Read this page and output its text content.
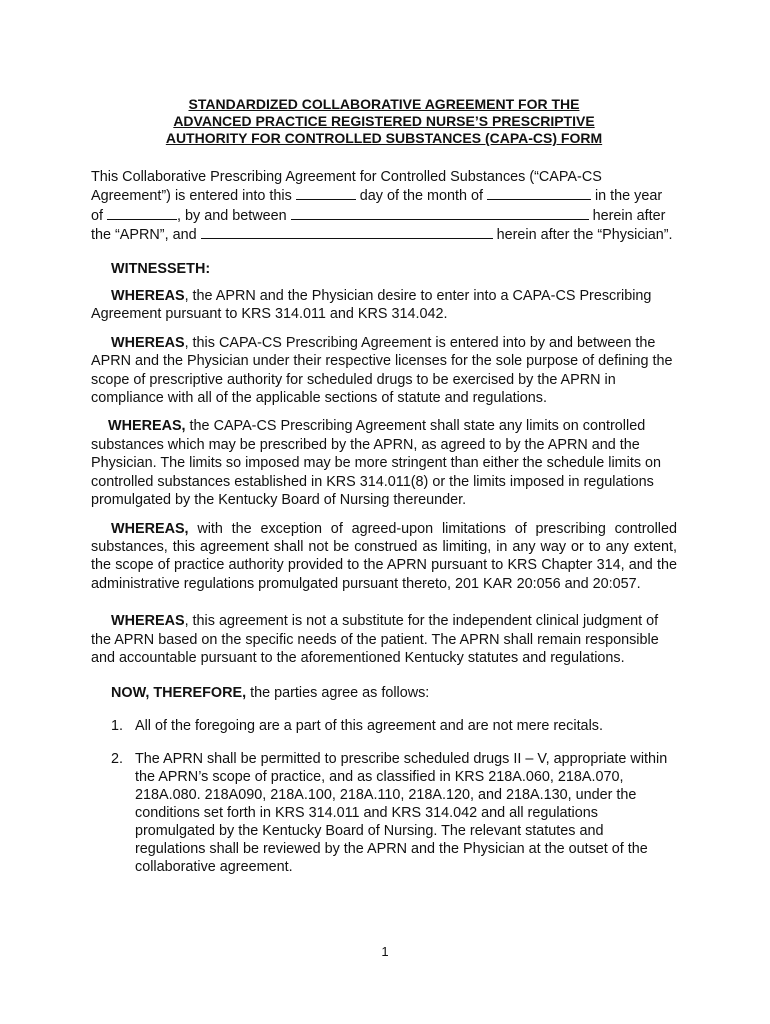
STANDARDIZED COLLABORATIVE AGREEMENT FOR THE
ADVANCED PRACTICE REGISTERED NURSE’S PRESCRIPTIVE
AUTHORITY FOR CONTROLLED SUBSTANCES (CAPA-CS) FORM

This Collaborative Prescribing Agreement for Controlled Substances (“CAPA-CS Agreement”) is entered into this	day of the month of	in the year of	, by and between	herein after the “APRN”, and	herein after the “Physician”.

WITNESSETH:

WHEREAS, the APRN and the Physician desire to enter into a CAPA-CS Prescribing Agreement pursuant to KRS 314.011 and KRS 314.042.

WHEREAS, this CAPA-CS Prescribing Agreement is entered into by and between the APRN and the Physician under their respective licenses for the sole purpose of defining the scope of prescriptive authority for scheduled drugs to be exercised by the APRN in compliance with all of the applicable sections of statute and regulations.

WHEREAS, the CAPA-CS Prescribing Agreement shall state any limits on controlled substances which may be prescribed by the APRN, as agreed to by the APRN and the Physician. The limits so imposed may be more stringent than either the schedule limits on controlled substances established in KRS 314.011(8) or the limits imposed in regulations promulgated by the Kentucky Board of Nursing thereunder.

WHEREAS, with the exception of agreed-upon limitations of prescribing controlled substances, this agreement shall not be construed as limiting, in any way or to any extent, the scope of practice authority provided to the APRN pursuant to KRS Chapter 314, and the administrative regulations promulgated pursuant thereto, 201 KAR 20:056 and 20:057.

WHEREAS, this agreement is not a substitute for the independent clinical judgment of the APRN based on the specific needs of the patient. The APRN shall remain responsible and accountable pursuant to the aforementioned Kentucky statutes and regulations.

NOW, THEREFORE, the parties agree as follows:

1. All of the foregoing are a part of this agreement and are not mere recitals.
2. The APRN shall be permitted to prescribe scheduled drugs II – V, appropriate within the APRN’s scope of practice, and as classified in KRS 218A.060, 218A.070, 218A.080. 218A090, 218A.100, 218A.110, 218A.120, and 218A.130, under the conditions set forth in KRS 314.011 and KRS 314.042 and all regulations promulgated by the Kentucky Board of Nursing. The relevant statutes and regulations shall be reviewed by the APRN and the Physician at the outset of the collaborative agreement.
1
